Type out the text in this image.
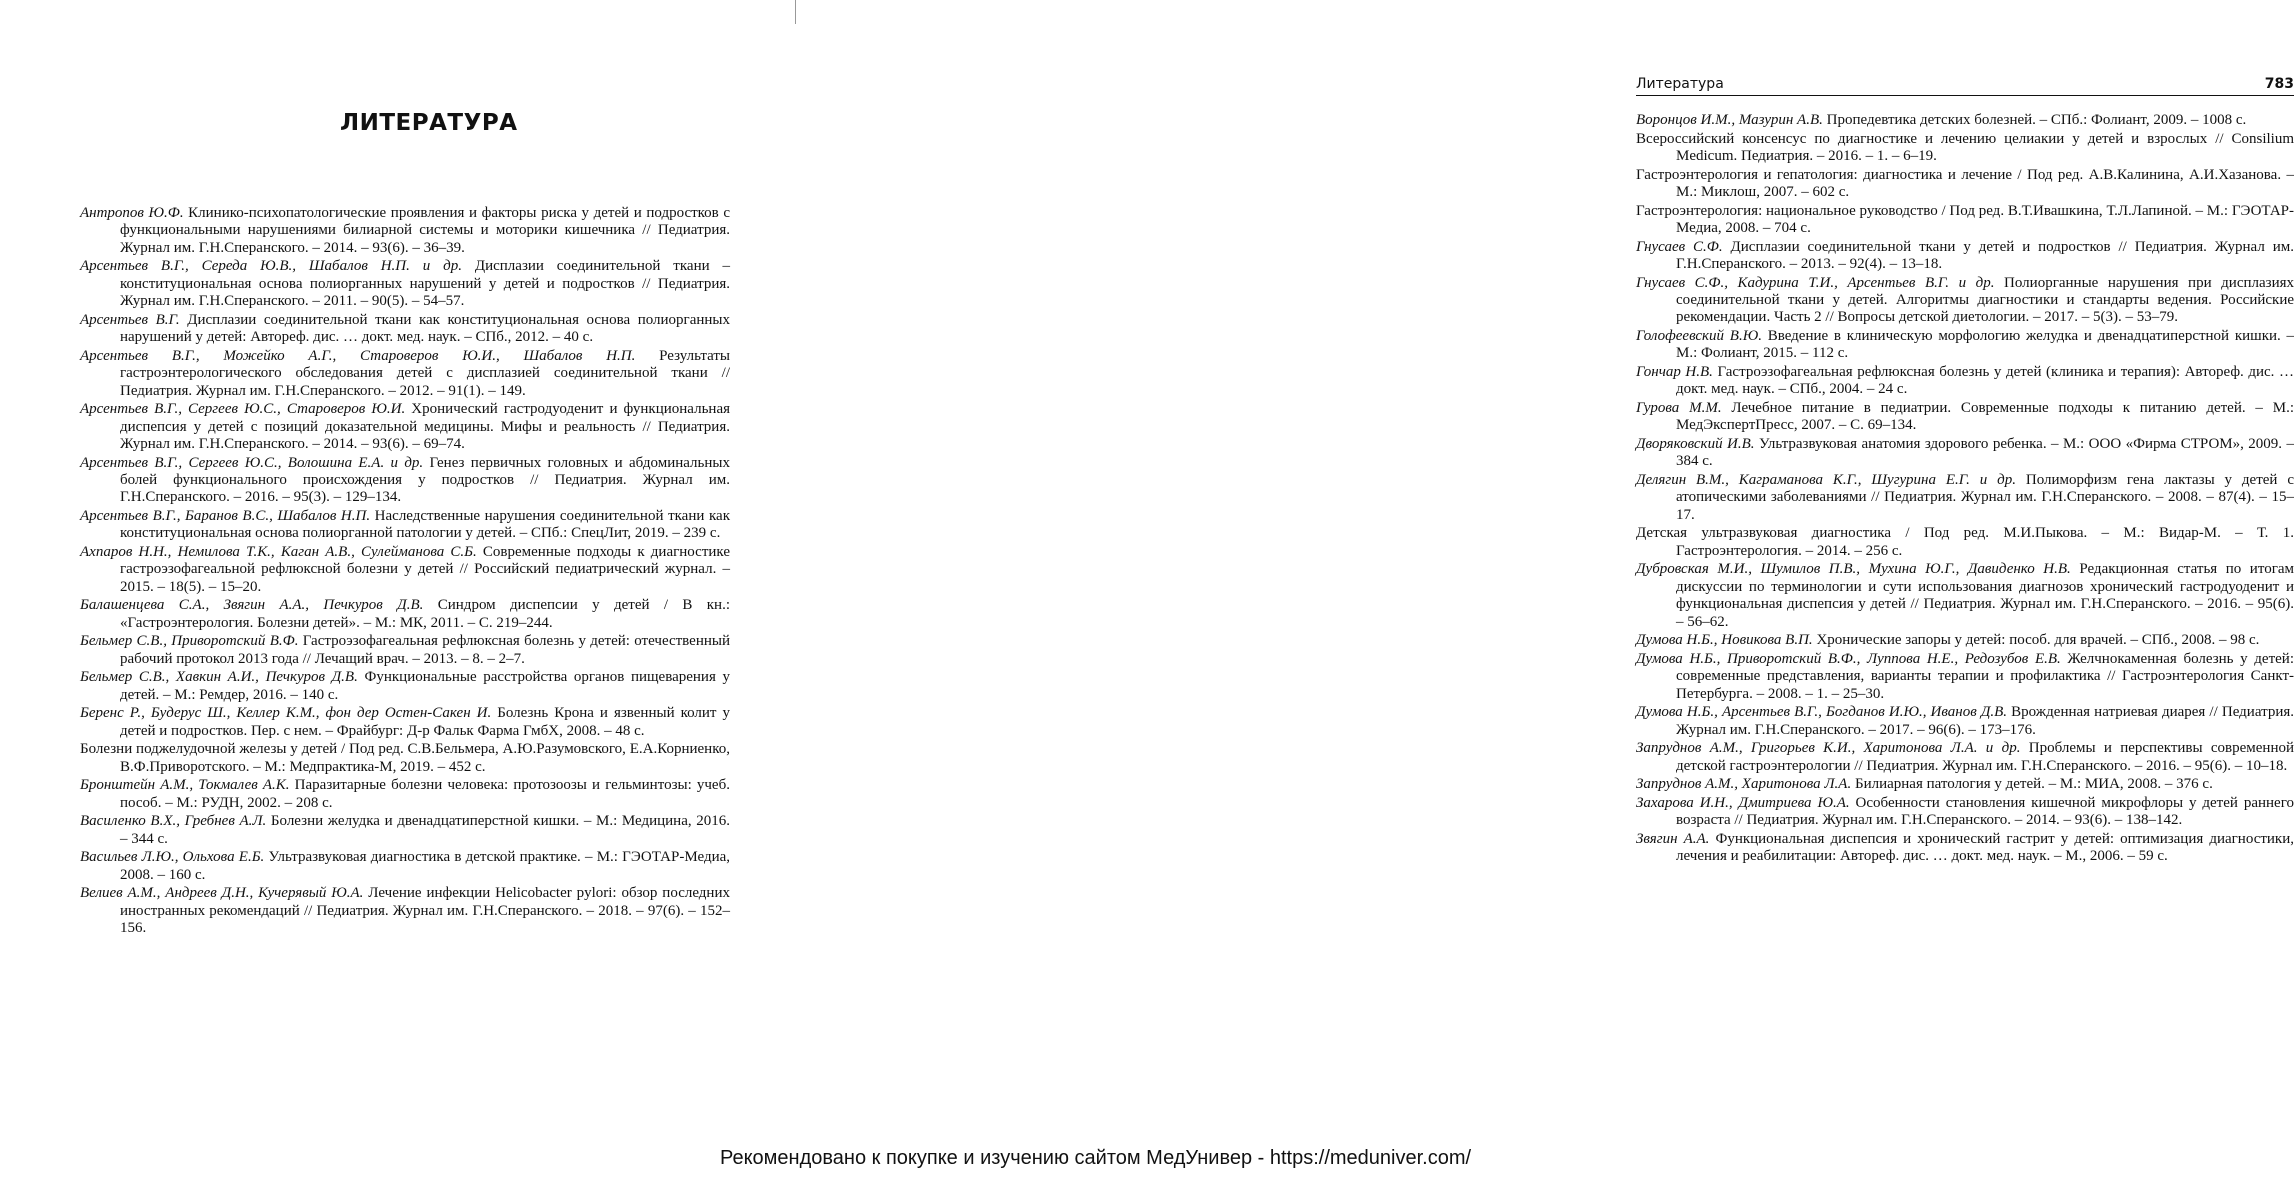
ЛИТЕРАТУРА
Антропов Ю.Ф. Клинико-психопатологические проявления и факторы риска у детей и подростков с функциональными нарушениями билиарной системы и моторики кишечника // Педиатрия. Журнал им. Г.Н.Сперанского. – 2014. – 93(6). – 36–39.
Арсентьев В.Г., Середа Ю.В., Шабалов Н.П. и др. Дисплазии соединительной ткани – конституциональная основа полиорганных нарушений у детей и подростков // Педиатрия. Журнал им. Г.Н.Сперанского. – 2011. – 90(5). – 54–57.
Арсентьев В.Г. Дисплазии соединительной ткани как конституциональная основа полиорганных нарушений у детей: Автореф. дис. … докт. мед. наук. – СПб., 2012. – 40 с.
Арсентьев В.Г., Можейко А.Г., Староверов Ю.И., Шабалов Н.П. Результаты гастроэнтерологического обследования детей с дисплазией соединительной ткани // Педиатрия. Журнал им. Г.Н.Сперанского. – 2012. – 91(1). – 149.
Арсентьев В.Г., Сергеев Ю.С., Староверов Ю.И. Хронический гастродуоденит и функциональная диспепсия у детей с позиций доказательной медицины. Мифы и реальность // Педиатрия. Журнал им. Г.Н.Сперанского. – 2014. – 93(6). – 69–74.
Арсентьев В.Г., Сергеев Ю.С., Волошина Е.А. и др. Генез первичных головных и абдоминальных болей функционального происхождения у подростков // Педиатрия. Журнал им. Г.Н.Сперанского. – 2016. – 95(3). – 129–134.
Арсентьев В.Г., Баранов В.С., Шабалов Н.П. Наследственные нарушения соединительной ткани как конституциональная основа полиорганной патологии у детей. – СПб.: СпецЛит, 2019. – 239 с.
Ахпаров Н.Н., Немилова Т.К., Каган А.В., Сулейманова С.Б. Современные подходы к диагностике гастроэзофагеальной рефлюксной болезни у детей // Российский педиатрический журнал. – 2015. – 18(5). – 15–20.
Балашенцева С.А., Звягин А.А., Печкуров Д.В. Синдром диспепсии у детей / В кн.: «Гастроэнтерология. Болезни детей». – М.: МК, 2011. – С. 219–244.
Бельмер С.В., Приворотский В.Ф. Гастроэзофагеальная рефлюксная болезнь у детей: отечественный рабочий протокол 2013 года // Лечащий врач. – 2013. – 8. – 2–7.
Бельмер С.В., Хавкин А.И., Печкуров Д.В. Функциональные расстройства органов пищеварения у детей. – М.: Ремдер, 2016. – 140 с.
Беренс Р., Будерус Ш., Келлер К.М., фон дер Остен-Сакен И. Болезнь Крона и язвенный колит у детей и подростков. Пер. с нем. – Фрайбург: Д-р Фальк Фарма ГмбХ, 2008. – 48 с.
Болезни поджелудочной железы у детей / Под ред. С.В.Бельмера, А.Ю.Разумовского, Е.А.Корниенко, В.Ф.Приворотского. – М.: Медпрактика-М, 2019. – 452 с.
Бронштейн А.М., Токмалев А.К. Паразитарные болезни человека: протозоозы и гельминтозы: учеб. пособ. – М.: РУДН, 2002. – 208 с.
Василенко В.Х., Гребнев А.Л. Болезни желудка и двенадцатиперстной кишки. – М.: Медицина, 2016. – 344 с.
Васильев Л.Ю., Ольхова Е.Б. Ультразвуковая диагностика в детской практике. – М.: ГЭОТАР-Медиа, 2008. – 160 с.
Велиев А.М., Андреев Д.Н., Кучерявый Ю.А. Лечение инфекции Helicobacter pylori: обзор последних иностранных рекомендаций // Педиатрия. Журнал им. Г.Н.Сперанского. – 2018. – 97(6). – 152–156.
Литература	783
Воронцов И.М., Мазурин А.В. Пропедевтика детских болезней. – СПб.: Фолиант, 2009. – 1008 с.
Всероссийский консенсус по диагностике и лечению целиакии у детей и взрослых // Consilium Medicum. Педиатрия. – 2016. – 1. – 6–19.
Гастроэнтерология и гепатология: диагностика и лечение / Под ред. А.В.Калинина, А.И.Хазанова. – М.: Миклош, 2007. – 602 с.
Гастроэнтерология: национальное руководство / Под ред. В.Т.Ивашкина, Т.Л.Лапиной. – М.: ГЭОТАР-Медиа, 2008. – 704 с.
Гнусаев С.Ф. Дисплазии соединительной ткани у детей и подростков // Педиатрия. Журнал им. Г.Н.Сперанского. – 2013. – 92(4). – 13–18.
Гнусаев С.Ф., Кадурина Т.И., Арсентьев В.Г. и др. Полиорганные нарушения при дисплазиях соединительной ткани у детей. Алгоритмы диагностики и стандарты ведения. Российские рекомендации. Часть 2 // Вопросы детской диетологии. – 2017. – 5(3). – 53–79.
Голофеевский В.Ю. Введение в клиническую морфологию желудка и двенадцатиперстной кишки. – М.: Фолиант, 2015. – 112 с.
Гончар Н.В. Гастроэзофагеальная рефлюксная болезнь у детей (клиника и терапия): Автореф. дис. … докт. мед. наук. – СПб., 2004. – 24 с.
Гурова М.М. Лечебное питание в педиатрии. Современные подходы к питанию детей. – М.: МедЭкспертПресс, 2007. – С. 69–134.
Дворяковский И.В. Ультразвуковая анатомия здорового ребенка. – М.: ООО «Фирма СТРОМ», 2009. – 384 с.
Делягин В.М., Каграманова К.Г., Шугурина Е.Г. и др. Полиморфизм гена лактазы у детей с атопическими заболеваниями // Педиатрия. Журнал им. Г.Н.Сперанского. – 2008. – 87(4). – 15–17.
Детская ультразвуковая диагностика / Под ред. М.И.Пыкова. – М.: Видар-М. – Т. 1. Гастроэнтерология. – 2014. – 256 с.
Дубровская М.И., Шумилов П.В., Мухина Ю.Г., Давиденко Н.В. Редакционная статья по итогам дискуссии по терминологии и сути использования диагнозов хронический гастродуоденит и функциональная диспепсия у детей // Педиатрия. Журнал им. Г.Н.Сперанского. – 2016. – 95(6). – 56–62.
Думова Н.Б., Новикова В.П. Хронические запоры у детей: пособ. для врачей. – СПб., 2008. – 98 с.
Думова Н.Б., Приворотский В.Ф., Луппова Н.Е., Редозубов Е.В. Желчнокаменная болезнь у детей: современные представления, варианты терапии и профилактика // Гастроэнтерология Санкт-Петербурга. – 2008. – 1. – 25–30.
Думова Н.Б., Арсентьев В.Г., Богданов И.Ю., Иванов Д.В. Врожденная натриевая диарея // Педиатрия. Журнал им. Г.Н.Сперанского. – 2017. – 96(6). – 173–176.
Запруднов А.М., Григорьев К.И., Харитонова Л.А. и др. Проблемы и перспективы современной детской гастроэнтерологии // Педиатрия. Журнал им. Г.Н.Сперанского. – 2016. – 95(6). – 10–18.
Запруднов А.М., Харитонова Л.А. Билиарная патология у детей. – М.: МИА, 2008. – 376 с.
Захарова И.Н., Дмитриева Ю.А. Особенности становления кишечной микрофлоры у детей раннего возраста // Педиатрия. Журнал им. Г.Н.Сперанского. – 2014. – 93(6). – 138–142.
Звягин А.А. Функциональная диспепсия и хронический гастрит у детей: оптимизация диагностики, лечения и реабилитации: Автореф. дис. … докт. мед. наук. – М., 2006. – 59 с.
Рекомендовано к покупке и изучению сайтом МедУнивер - https://meduniver.com/
